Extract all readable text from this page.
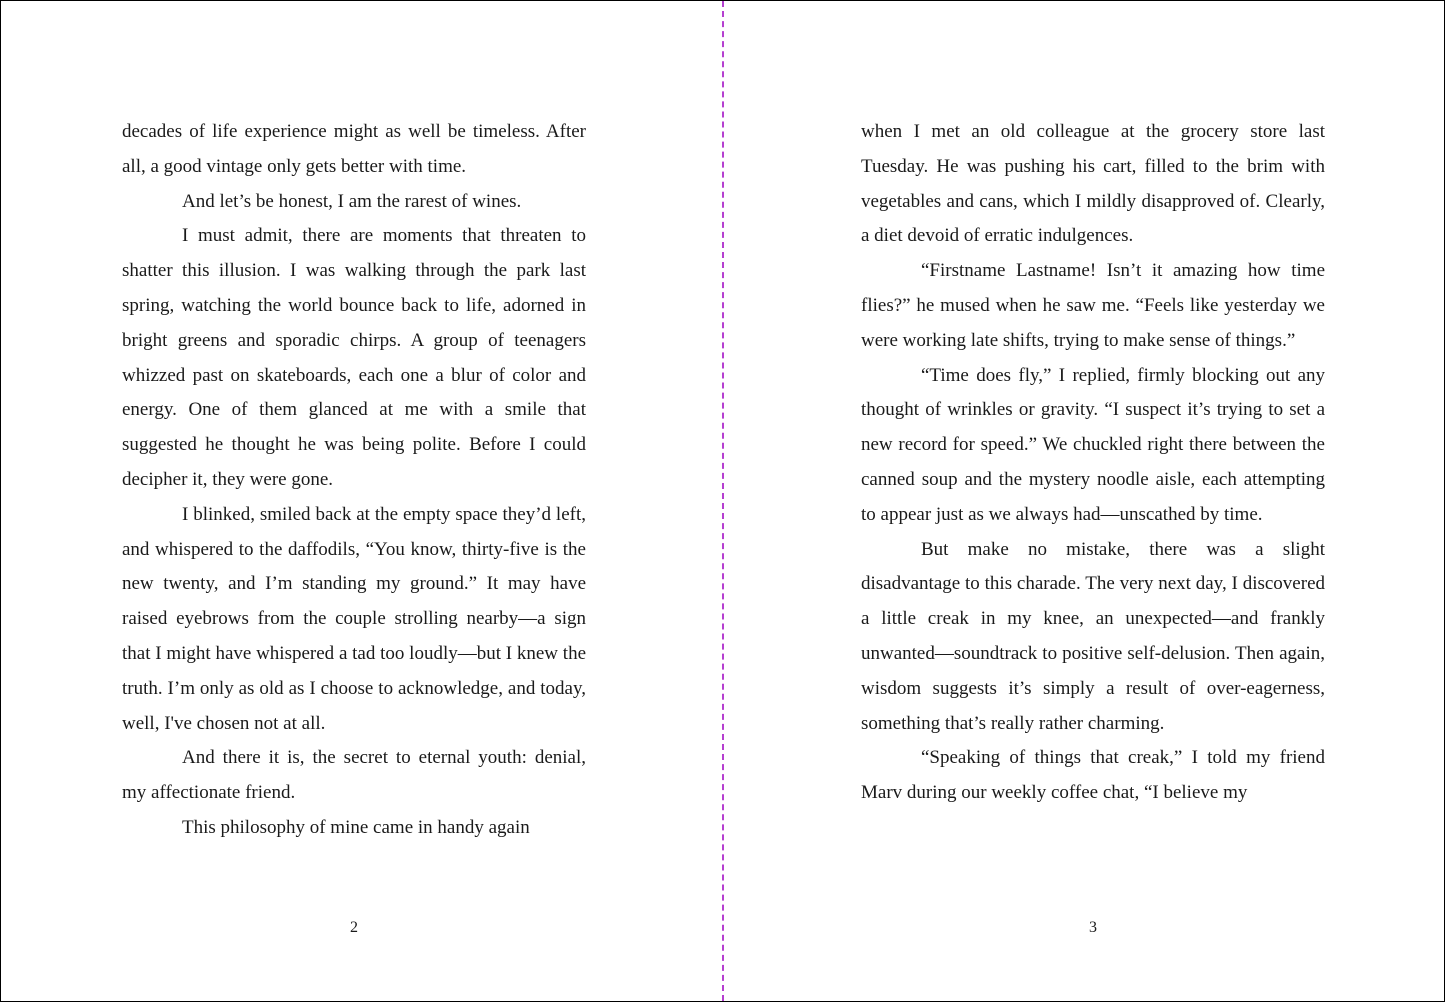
decades of life experience might as well be timeless. After all, a good vintage only gets better with time.

And let’s be honest, I am the rarest of wines.

I must admit, there are moments that threaten to shatter this illusion. I was walking through the park last spring, watching the world bounce back to life, adorned in bright greens and sporadic chirps. A group of teenagers whizzed past on skateboards, each one a blur of color and energy. One of them glanced at me with a smile that suggested he thought he was being polite. Before I could decipher it, they were gone.

I blinked, smiled back at the empty space they’d left, and whispered to the daffodils, “You know, thirty-five is the new twenty, and I’m standing my ground.” It may have raised eyebrows from the couple strolling nearby—a sign that I might have whispered a tad too loudly—but I knew the truth. I’m only as old as I choose to acknowledge, and today, well, I've chosen not at all.

And there it is, the secret to eternal youth: denial, my affectionate friend.

This philosophy of mine came in handy again

2

when I met an old colleague at the grocery store last Tuesday. He was pushing his cart, filled to the brim with vegetables and cans, which I mildly disapproved of. Clearly, a diet devoid of erratic indulgences.

“Firstname Lastname! Isn’t it amazing how time flies?” he mused when he saw me. “Feels like yesterday we were working late shifts, trying to make sense of things.”

“Time does fly,” I replied, firmly blocking out any thought of wrinkles or gravity. “I suspect it’s trying to set a new record for speed.” We chuckled right there between the canned soup and the mystery noodle aisle, each attempting to appear just as we always had—unscathed by time.

But make no mistake, there was a slight disadvantage to this charade. The very next day, I discovered a little creak in my knee, an unexpected—and frankly unwanted—soundtrack to positive self-delusion. Then again, wisdom suggests it’s simply a result of over-eagerness, something that’s really rather charming.

“Speaking of things that creak,” I told my friend Marv during our weekly coffee chat, “I believe my

3
